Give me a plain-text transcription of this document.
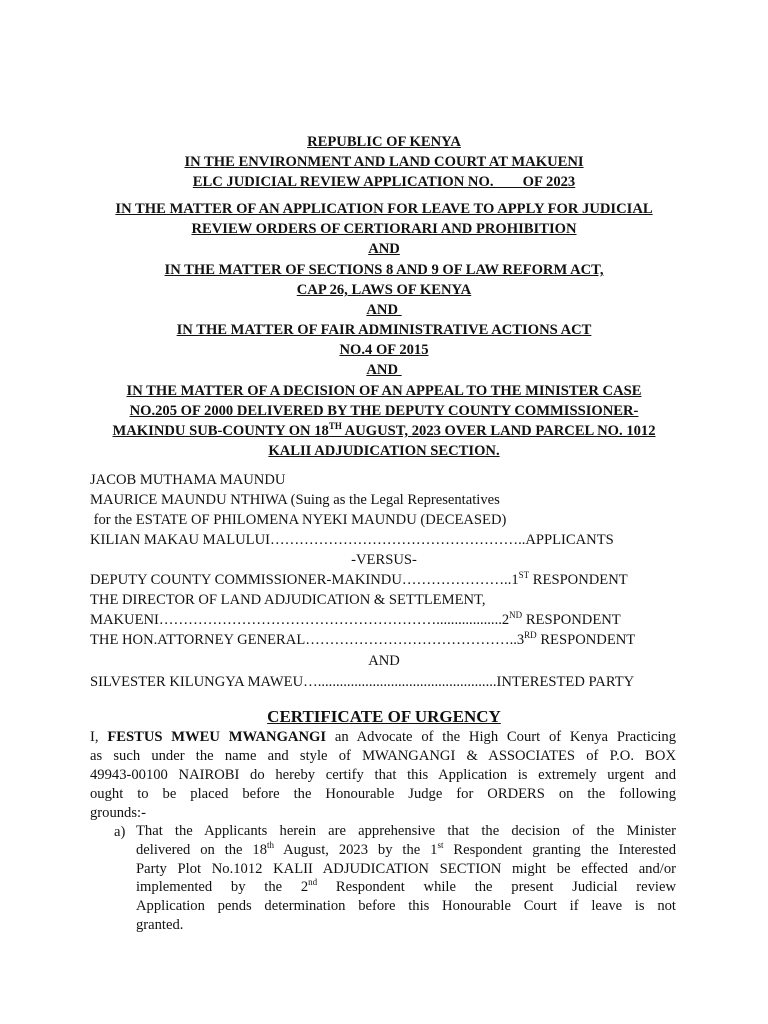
REPUBLIC OF KENYA
IN THE ENVIRONMENT AND LAND COURT AT MAKUENI
ELC JUDICIAL REVIEW APPLICATION NO.        OF 2023
IN THE MATTER OF AN APPLICATION FOR LEAVE TO APPLY FOR JUDICIAL
REVIEW ORDERS OF CERTIORARI AND PROHIBITION
AND
IN THE MATTER OF SECTIONS 8 AND 9 OF LAW REFORM ACT,
CAP 26, LAWS OF KENYA
AND
IN THE MATTER OF FAIR ADMINISTRATIVE ACTIONS ACT
NO.4 OF 2015
AND
IN THE MATTER OF A DECISION OF AN APPEAL TO THE MINISTER CASE
NO.205 OF 2000 DELIVERED BY THE DEPUTY COUNTY COMMISSIONER-
MAKINDU SUB-COUNTY ON 18TH AUGUST, 2023 OVER LAND PARCEL NO. 1012
KALII ADJUDICATION SECTION.
JACOB MUTHAMA MAUNDU
MAURICE MAUNDU NTHIWA (Suing as the Legal Representatives
for the ESTATE OF PHILOMENA NYEKI MAUNDU (DECEASED)
KILIAN MAKAU MALULUI……………………………………………..APPLICANTS
-VERSUS-
DEPUTY COUNTY COMMISSIONER-MAKINDU…………………..1ST RESPONDENT
THE DIRECTOR OF LAND ADJUDICATION & SETTLEMENT,
MAKUENI…………………………………………………..................2ND RESPONDENT
THE HON.ATTORNEY GENERAL……………………………………..3RD RESPONDENT
AND
SILVESTER KILUNGYA MAWEU….................................................INTERESTED PARTY
CERTIFICATE OF URGENCY
I, FESTUS MWEU MWANGANGI an Advocate of the High Court of Kenya Practicing
as such under the name and style of MWANGANGI & ASSOCIATES of P.O. BOX
49943-00100 NAIROBI do hereby certify that this Application is extremely urgent and
ought to be placed before the Honourable Judge for ORDERS on the following
grounds:-
a) That the Applicants herein are apprehensive that the decision of the Minister
delivered on the 18th August, 2023 by the 1st Respondent granting the Interested
Party Plot No.1012 KALII ADJUDICATION SECTION might be effected and/or
implemented by the 2nd Respondent while the present Judicial review
Application pends determination before this Honourable Court if leave is not
granted.
